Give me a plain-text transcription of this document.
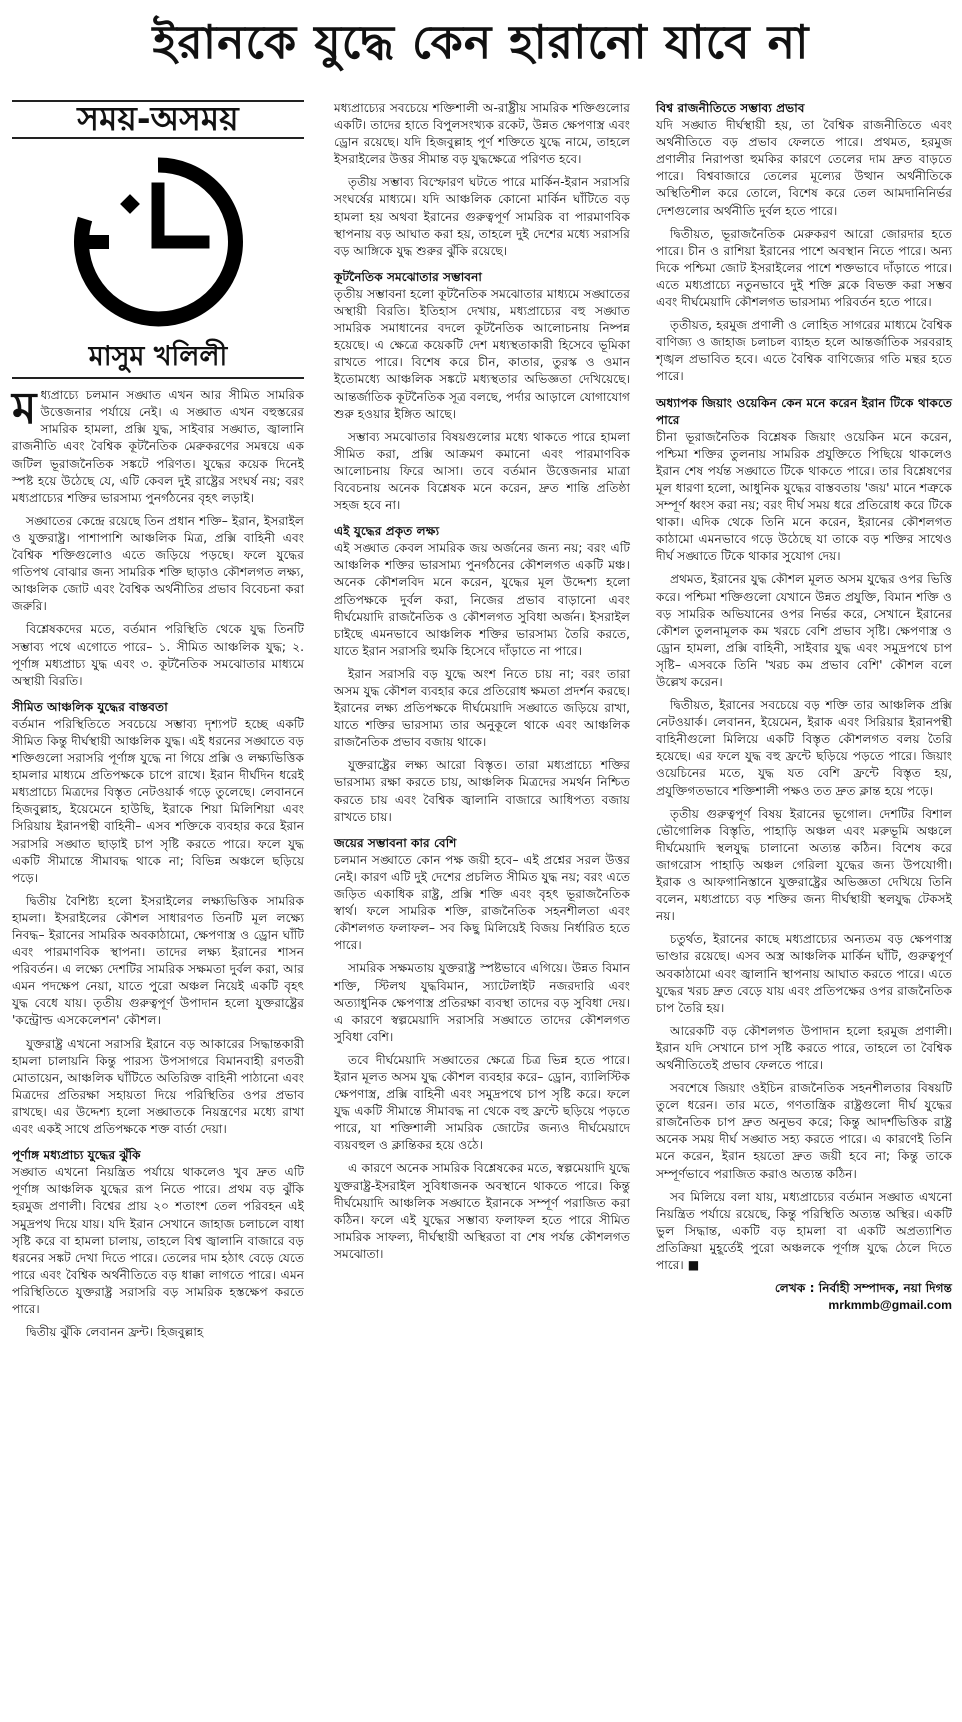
ইরানকে যুদ্ধে কেন হারানো যাবে না
সময়-অসময়
মাসুম খলিলী

মধ্যপ্রাচ্যে চলমান সঙ্ঘাত এখন আর সীমিত সামরিক উত্তেজনার পর্যায়ে নেই। এ সঙ্ঘাত এখন বহুস্তরের সামরিক হামলা, প্রক্সি যুদ্ধ, সাইবার সঙ্ঘাত, জ্বালানি রাজনীতি এবং বৈশ্বিক কূটনৈতিক মেরুকরণের সমন্বয়ে এক জটিল ভূরাজনৈতিক সঙ্কটে পরিণত। যুদ্ধের কয়েক দিনেই স্পষ্ট হয়ে উঠেছে যে, এটি কেবল দুই রাষ্ট্রের সংঘর্ষ নয়; বরং মধ্যপ্রাচ্যের শক্তির ভারসাম্য পুনর্গঠনের বৃহৎ লড়াই।

সঙ্ঘাতের কেন্দ্রে রয়েছে তিন প্রধান শক্তি– ইরান, ইসরাইল ও যুক্তরাষ্ট্র। পাশাপাশি আঞ্চলিক মিত্র, প্রক্সি বাহিনী এবং বৈশ্বিক শক্তিগুলোও এতে জড়িয়ে পড়ছে। ফলে যুদ্ধের গতিপথ বোঝার জন্য সামরিক শক্তি ছাড়াও কৌশলগত লক্ষ্য, আঞ্চলিক জোট এবং বৈশ্বিক অর্থনীতির প্রভাব বিবেচনা করা জরুরি।

বিশ্লেষকদের মতে, বর্তমান পরিস্থিতি থেকে যুদ্ধ তিনটি সম্ভাব্য পথে এগোতে পারে– ১. সীমিত আঞ্চলিক যুদ্ধ; ২. পূর্ণাঙ্গ মধ্যপ্রাচ্য যুদ্ধ এবং ৩. কূটনৈতিক সমঝোতার মাধ্যমে অস্থায়ী বিরতি।

সীমিত আঞ্চলিক যুদ্ধের বাস্তবতা

বর্তমান পরিস্থিতিতে সবচেয়ে সম্ভাব্য দৃশ্যপট হচ্ছে একটি সীমিত কিন্তু দীর্ঘস্থায়ী আঞ্চলিক যুদ্ধ। এই ধরনের সঙ্ঘাতে বড় শক্তিগুলো সরাসরি পূর্ণাঙ্গ যুদ্ধে না গিয়ে প্রক্সি ও লক্ষ্যভিত্তিক হামলার মাধ্যমে প্রতিপক্ষকে চাপে রাখে। ইরান দীর্ঘদিন ধরেই মধ্যপ্রাচ্যে মিত্রদের বিস্তৃত নেটওয়ার্ক গড়ে তুলেছে। লেবাননে হিজবুল্লাহ, ইয়েমেনে হাউছি, ইরাকে শিয়া মিলিশিয়া এবং সিরিয়ায় ইরানপন্থী বাহিনী– এসব শক্তিকে ব্যবহার করে ইরান সরাসরি সঙ্ঘাত ছাড়াই চাপ সৃষ্টি করতে পারে। ফলে যুদ্ধ একটি সীমান্তে সীমাবদ্ধ থাকে না; বিভিন্ন অঞ্চলে ছড়িয়ে পড়ে।

দ্বিতীয় বৈশিষ্ট্য হলো ইসরাইলের লক্ষ্যভিত্তিক সামরিক হামলা। ইসরাইলের কৌশল সাধারণত তিনটি মূল লক্ষ্যে নিবদ্ধ– ইরানের সামরিক অবকাঠামো, ক্ষেপণাস্ত্র ও ড্রোন ঘাঁটি এবং পারমাণবিক স্থাপনা। তাদের লক্ষ্য ইরানের শাসন পরিবর্তন। এ লক্ষ্যে দেশটির সামরিক সক্ষমতা দুর্বল করা, আর এমন পদক্ষেপ নেয়া, যাতে পুরো অঞ্চল নিয়েই একটি বৃহৎ যুদ্ধ বেধে যায়। তৃতীয় গুরুত্বপূর্ণ উপাদান হলো যুক্তরাষ্ট্রের 'কন্ট্রোল্ড এসকেলেশন' কৌশল।

যুক্তরাষ্ট্র এখনো সরাসরি ইরানে বড় আকারের সিদ্ধান্তকারী হামলা চালায়নি কিন্তু পারস্য উপসাগরে বিমানবাহী রণতরী মোতায়েন, আঞ্চলিক ঘাঁটিতে অতিরিক্ত বাহিনী পাঠানো এবং মিত্রদের প্রতিরক্ষা সহায়তা দিয়ে পরিস্থিতির ওপর প্রভাব রাখছে। এর উদ্দেশ্য হলো সঙ্ঘাতকে নিয়ন্ত্রণের মধ্যে রাখা এবং একই সাথে প্রতিপক্ষকে শক্ত বার্তা দেয়া।

পূর্ণাঙ্গ মধ্যপ্রাচ্য যুদ্ধের ঝুঁকি

সঙ্ঘাত এখনো নিয়ন্ত্রিত পর্যায়ে থাকলেও খুব দ্রুত এটি পূর্ণাঙ্গ আঞ্চলিক যুদ্ধের রূপ নিতে পারে। প্রথম বড় ঝুঁকি হরমুজ প্রণালী। বিশ্বের প্রায় ২০ শতাংশ তেল পরিবহন এই সমুদ্রপথ দিয়ে যায়। যদি ইরান সেখানে জাহাজ চলাচলে বাধা সৃষ্টি করে বা হামলা চালায়, তাহলে বিশ্ব জ্বালানি বাজারে বড় ধরনের সঙ্কট দেখা দিতে পারে। তেলের দাম হঠাৎ বেড়ে যেতে পারে এবং বৈশ্বিক অর্থনীতিতে বড় ধাক্কা লাগতে পারে। এমন পরিস্থিতিতে যুক্তরাষ্ট্র সরাসরি বড় সামরিক হস্তক্ষেপ করতে পারে।

দ্বিতীয় ঝুঁকি লেবানন ফ্রন্ট। হিজবুল্লাহ

মধ্যপ্রাচ্যের সবচেয়ে শক্তিশালী অ-রাষ্ট্রীয় সামরিক শক্তিগুলোর একটি। তাদের হাতে বিপুলসংখ্যক রকেট, উন্নত ক্ষেপণাস্ত্র এবং ড্রোন রয়েছে। যদি হিজবুল্লাহ পূর্ণ শক্তিতে যুদ্ধে নামে, তাহলে ইসরাইলের উত্তর সীমান্ত বড় যুদ্ধক্ষেত্রে পরিণত হবে।

তৃতীয় সম্ভাব্য বিস্ফোরণ ঘটতে পারে মার্কিন-ইরান সরাসরি সংঘর্ষের মাধ্যমে। যদি আঞ্চলিক কোনো মার্কিন ঘাঁটিতে বড় হামলা হয় অথবা ইরানের গুরুত্বপূর্ণ সামরিক বা পারমাণবিক স্থাপনায় বড় আঘাত করা হয়, তাহলে দুই দেশের মধ্যে সরাসরি বড় আঙ্গিকে যুদ্ধ শুরুর ঝুঁকি রয়েছে।

কূটনৈতিক সমঝোতার সম্ভাবনা

তৃতীয় সম্ভাবনা হলো কূটনৈতিক সমঝোতার মাধ্যমে সঙ্ঘাতের অস্থায়ী বিরতি। ইতিহাস দেখায়, মধ্যপ্রাচ্যের বহু সঙ্ঘাত সামরিক সমাধানের বদলে কূটনৈতিক আলোচনায় নিষ্পন্ন হয়েছে। এ ক্ষেত্রে কয়েকটি দেশ মধ্যস্থতাকারী হিসেবে ভূমিকা রাখতে পারে। বিশেষ করে চীন, কাতার, তুরস্ক ও ওমান ইতোমধ্যে আঞ্চলিক সঙ্কটে মধ্যস্থতার অভিজ্ঞতা দেখিয়েছে। আন্তর্জাতিক কূটনৈতিক সূত্র বলছে, পর্দার আড়ালে যোগাযোগ শুরু হওয়ার ইঙ্গিত আছে।

সম্ভাব্য সমঝোতার বিষয়গুলোর মধ্যে থাকতে পারে হামলা সীমিত করা, প্রক্সি আক্রমণ কমানো এবং পারমাণবিক আলোচনায় ফিরে আসা। তবে বর্তমান উত্তেজনার মাত্রা বিবেচনায় অনেক বিশ্লেষক মনে করেন, দ্রুত শান্তি প্রতিষ্ঠা সহজ হবে না।

এই যুদ্ধের প্রকৃত লক্ষ্য

এই সঙ্ঘাত কেবল সামরিক জয় অর্জনের জন্য নয়; বরং এটি আঞ্চলিক শক্তির ভারসাম্য পুনর্গঠনের কৌশলগত একটি মঞ্চ। অনেক কৌশলবিদ মনে করেন, যুদ্ধের মূল উদ্দেশ্য হলো প্রতিপক্ষকে দুর্বল করা, নিজের প্রভাব বাড়ানো এবং দীর্ঘমেয়াদি রাজনৈতিক ও কৌশলগত সুবিধা অর্জন। ইসরাইল চাইছে এমনভাবে আঞ্চলিক শক্তির ভারসাম্য তৈরি করতে, যাতে ইরান সরাসরি হুমকি হিসেবে দাঁড়াতে না পারে।

ইরান সরাসরি বড় যুদ্ধে অংশ নিতে চায় না; বরং তারা অসম যুদ্ধ কৌশল ব্যবহার করে প্রতিরোধ ক্ষমতা প্রদর্শন করছে। ইরানের লক্ষ্য প্রতিপক্ষকে দীর্ঘমেয়াদি সঙ্ঘাতে জড়িয়ে রাখা, যাতে শক্তির ভারসাম্য তার অনুকূলে থাকে এবং আঞ্চলিক রাজনৈতিক প্রভাব বজায় থাকে।

যুক্তরাষ্ট্রের লক্ষ্য আরো বিস্তৃত। তারা মধ্যপ্রাচ্যে শক্তির ভারসাম্য রক্ষা করতে চায়, আঞ্চলিক মিত্রদের সমর্থন নিশ্চিত করতে চায় এবং বৈশ্বিক জ্বালানি বাজারে আধিপত্য বজায় রাখতে চায়।

জয়ের সম্ভাবনা কার বেশি

চলমান সঙ্ঘাতে কোন পক্ষ জয়ী হবে– এই প্রশ্নের সরল উত্তর নেই। কারণ এটি দুই দেশের প্রচলিত সীমিত যুদ্ধ নয়; বরং এতে জড়িত একাধিক রাষ্ট্র, প্রক্সি শক্তি এবং বৃহৎ ভূরাজনৈতিক স্বার্থ। ফলে সামরিক শক্তি, রাজনৈতিক সহনশীলতা এবং কৌশলগত ফলাফল– সব কিছু মিলিয়েই বিজয় নির্ধারিত হতে পারে।

সামরিক সক্ষমতায় যুক্তরাষ্ট্র স্পষ্টভাবে এগিয়ে। উন্নত বিমান শক্তি, স্টিলথ যুদ্ধবিমান, স্যাটেলাইট নজরদারি এবং অত্যাধুনিক ক্ষেপণাস্ত্র প্রতিরক্ষা ব্যবস্থা তাদের বড় সুবিধা দেয়। এ কারণে স্বল্পমেয়াদি সরাসরি সঙ্ঘাতে তাদের কৌশলগত সুবিধা বেশি।

তবে দীর্ঘমেয়াদি সঙ্ঘাতের ক্ষেত্রে চিত্র ভিন্ন হতে পারে। ইরান মূলত অসম যুদ্ধ কৌশল ব্যবহার করে– ড্রোন, ব্যালিস্টিক ক্ষেপণাস্ত্র, প্রক্সি বাহিনী এবং সমুদ্রপথে চাপ সৃষ্টি করে। ফলে যুদ্ধ একটি সীমান্তে সীমাবদ্ধ না থেকে বহু ফ্রন্টে ছড়িয়ে পড়তে পারে, যা শক্তিশালী সামরিক জোটের জন্যও দীর্ঘমেয়াদে ব্যয়বহুল ও ক্লান্তিকর হয়ে ওঠে।

এ কারণে অনেক সামরিক বিশ্লেষকের মতে, স্বল্পমেয়াদি যুদ্ধে যুক্তরাষ্ট্র-ইসরাইল সুবিধাজনক অবস্থানে থাকতে পারে। কিন্তু দীর্ঘমেয়াদি আঞ্চলিক সঙ্ঘাতে ইরানকে সম্পূর্ণ পরাজিত করা কঠিন। ফলে এই যুদ্ধের সম্ভাব্য ফলাফল হতে পারে সীমিত সামরিক সাফল্য, দীর্ঘস্থায়ী অস্থিরতা বা শেষ পর্যন্ত কৌশলগত সমঝোতা।

বিশ্ব রাজনীতিতে সম্ভাব্য প্রভাব

যদি সঙ্ঘাত দীর্ঘস্থায়ী হয়, তা বৈশ্বিক রাজনীতিতে এবং অর্থনীতিতে বড় প্রভাব ফেলতে পারে। প্রথমত, হরমুজ প্রণালীর নিরাপত্তা হুমকির কারণে তেলের দাম দ্রুত বাড়তে পারে। বিশ্ববাজারে তেলের মূল্যের উত্থান অর্থনীতিকে অস্থিতিশীল করে তোলে, বিশেষ করে তেল আমদানিনির্ভর দেশগুলোর অর্থনীতি দুর্বল হতে পারে।

দ্বিতীয়ত, ভূরাজনৈতিক মেরুকরণ আরো জোরদার হতে পারে। চীন ও রাশিয়া ইরানের পাশে অবস্থান নিতে পারে। অন্য দিকে পশ্চিমা জোট ইসরাইলের পাশে শক্তভাবে দাঁড়াতে পারে। এতে মধ্যপ্রাচ্যে নতুনভাবে দুই শক্তি ব্লকে বিভক্ত করা সম্ভব এবং দীর্ঘমেয়াদি কৌশলগত ভারসাম্য পরিবর্তন হতে পারে।

তৃতীয়ত, হরমুজ প্রণালী ও লোহিত সাগরের মাধ্যমে বৈশ্বিক বাণিজ্য ও জাহাজ চলাচল ব্যাহত হলে আন্তর্জাতিক সরবরাহ শৃঙ্খল প্রভাবিত হবে। এতে বৈশ্বিক বাণিজ্যের গতি মন্থর হতে পারে।

অধ্যাপক জিয়াং ওয়েকিন কেন মনে করেন ইরান টিকে থাকতে পারে

চীনা ভূরাজনৈতিক বিশ্লেষক জিয়াং ওয়েকিন মনে করেন, পশ্চিমা শক্তির তুলনায় সামরিক প্রযুক্তিতে পিছিয়ে থাকলেও ইরান শেষ পর্যন্ত সঙ্ঘাতে টিকে থাকতে পারে। তার বিশ্লেষণের মূল ধারণা হলো, আধুনিক যুদ্ধের বাস্তবতায় 'জয়' মানে শত্রুকে সম্পূর্ণ ধ্বংস করা নয়; বরং দীর্ঘ সময় ধরে প্রতিরোধ করে টিকে থাকা। এদিক থেকে তিনি মনে করেন, ইরানের কৌশলগত কাঠামো এমনভাবে গড়ে উঠেছে যা তাকে বড় শক্তির সাথেও দীর্ঘ সঙ্ঘাতে টিকে থাকার সুযোগ দেয়।

প্রথমত, ইরানের যুদ্ধ কৌশল মূলত অসম যুদ্ধের ওপর ভিত্তি করে। পশ্চিমা শক্তিগুলো যেখানে উন্নত প্রযুক্তি, বিমান শক্তি ও বড় সামরিক অভিযানের ওপর নির্ভর করে, সেখানে ইরানের কৌশল তুলনামূলক কম খরচে বেশি প্রভাব সৃষ্টি। ক্ষেপণাস্ত্র ও ড্রোন হামলা, প্রক্সি বাহিনী, সাইবার যুদ্ধ এবং সমুদ্রপথে চাপ সৃষ্টি– এসবকে তিনি 'খরচ কম প্রভাব বেশি' কৌশল বলে উল্লেখ করেন।

দ্বিতীয়ত, ইরানের সবচেয়ে বড় শক্তি তার আঞ্চলিক প্রক্সি নেটওয়ার্ক। লেবানন, ইয়েমেন, ইরাক এবং সিরিয়ার ইরানপন্থী বাহিনীগুলো মিলিয়ে একটি বিস্তৃত কৌশলগত বলয় তৈরি হয়েছে। এর ফলে যুদ্ধ বহু ফ্রন্টে ছড়িয়ে পড়তে পারে। জিয়াং ওয়েচিনের মতে, যুদ্ধ যত বেশি ফ্রন্টে বিস্তৃত হয়, প্রযুক্তিগতভাবে শক্তিশালী পক্ষও তত দ্রুত ক্লান্ত হয়ে পড়ে।

তৃতীয় গুরুত্বপূর্ণ বিষয় ইরানের ভূগোল। দেশটির বিশাল ভৌগোলিক বিস্তৃতি, পাহাড়ি অঞ্চল এবং মরুভূমি অঞ্চলে দীর্ঘমেয়াদি স্থলযুদ্ধ চালানো অত্যন্ত কঠিন। বিশেষ করে জাগরোস পাহাড়ি অঞ্চল গেরিলা যুদ্ধের জন্য উপযোগী। ইরাক ও আফগানিস্তানে যুক্তরাষ্ট্রের অভিজ্ঞতা দেখিয়ে তিনি বলেন, মধ্যপ্রাচ্যে বড় শক্তির জন্য দীর্ঘস্থায়ী স্থলযুদ্ধ টেকসই নয়।

চতুর্থত, ইরানের কাছে মধ্যপ্রাচ্যের অন্যতম বড় ক্ষেপণাস্ত্র ভাণ্ডার রয়েছে। এসব অস্ত্র আঞ্চলিক মার্কিন ঘাঁটি, গুরুত্বপূর্ণ অবকাঠামো এবং জ্বালানি স্থাপনায় আঘাত করতে পারে। এতে যুদ্ধের খরচ দ্রুত বেড়ে যায় এবং প্রতিপক্ষের ওপর রাজনৈতিক চাপ তৈরি হয়।

আরেকটি বড় কৌশলগত উপাদান হলো হরমুজ প্রণালী। ইরান যদি সেখানে চাপ সৃষ্টি করতে পারে, তাহলে তা বৈশ্বিক অর্থনীতিতেই প্রভাব ফেলতে পারে।

সবশেষে জিয়াং ওইচিন রাজনৈতিক সহনশীলতার বিষয়টি তুলে ধরেন। তার মতে, গণতান্ত্রিক রাষ্ট্রগুলো দীর্ঘ যুদ্ধের রাজনৈতিক চাপ দ্রুত অনুভব করে; কিন্তু আদর্শভিত্তিক রাষ্ট্র অনেক সময় দীর্ঘ সঙ্ঘাত সহ্য করতে পারে। এ কারণেই তিনি মনে করেন, ইরান হয়তো দ্রুত জয়ী হবে না; কিন্তু তাকে সম্পূর্ণভাবে পরাজিত করাও অত্যন্ত কঠিন।

সব মিলিয়ে বলা যায়, মধ্যপ্রাচ্যের বর্তমান সঙ্ঘাত এখনো নিয়ন্ত্রিত পর্যায়ে রয়েছে, কিন্তু পরিস্থিতি অত্যন্ত অস্থির। একটি ভুল সিদ্ধান্ত, একটি বড় হামলা বা একটি অপ্রত্যাশিত প্রতিক্রিয়া মুহূর্তেই পুরো অঞ্চলকে পূর্ণাঙ্গ যুদ্ধে ঠেলে দিতে পারে। ■

লেখক : নির্বাহী সম্পাদক, নয়া দিগন্ত
mrkmmb@gmail.com
